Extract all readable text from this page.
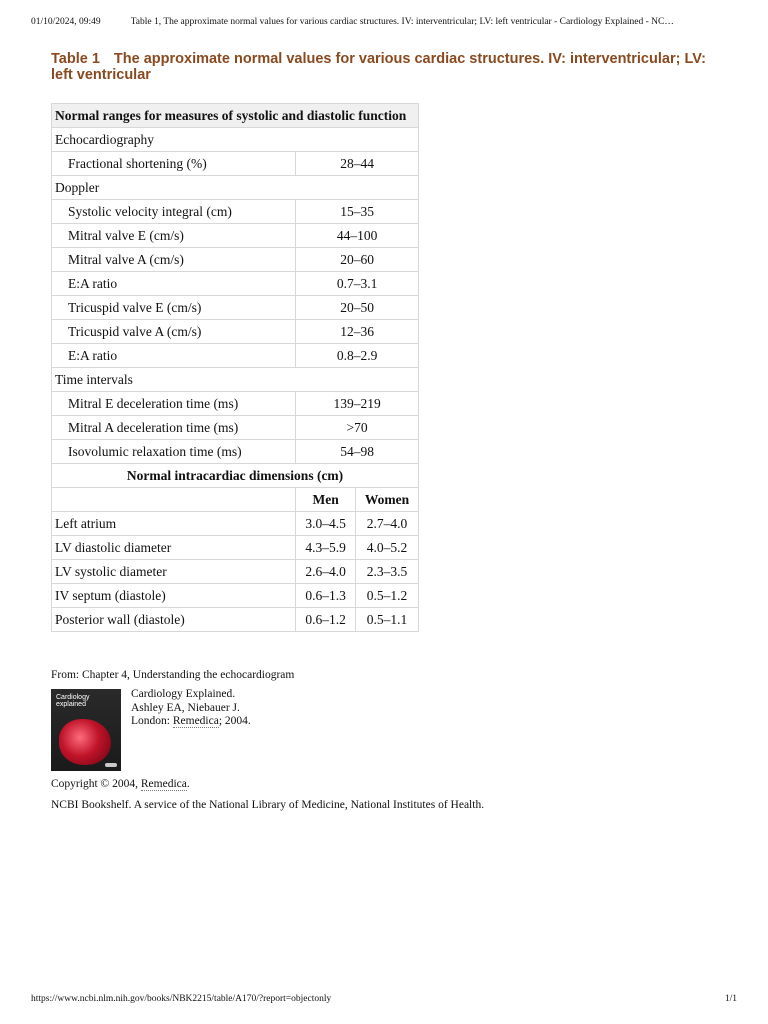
01/10/2024, 09:49	Table 1, The approximate normal values for various cardiac structures. IV: interventricular; LV: left ventricular - Cardiology Explained - NC…
Table 1 The approximate normal values for various cardiac structures. IV: interventricular; LV: left ventricular
Normal ranges for measures of systolic and diastolic function		
Echocardiography		
Fractional shortening (%)	28–44	
Doppler		
Systolic velocity integral (cm)	15–35	
Mitral valve E (cm/s)	44–100	
Mitral valve A (cm/s)	20–60	
E:A ratio	0.7–3.1	
Tricuspid valve E (cm/s)	20–50	
Tricuspid valve A (cm/s)	12–36	
E:A ratio	0.8–2.9	
Time intervals		
Mitral E deceleration time (ms)	139–219	
Mitral A deceleration time (ms)	>70	
Isovolumic relaxation time (ms)	54–98	
Normal intracardiac dimensions (cm)		
	Men	Women
Left atrium	3.0–4.5	2.7–4.0
LV diastolic diameter	4.3–5.9	4.0–5.2
LV systolic diameter	2.6–4.0	2.3–3.5
IV septum (diastole)	0.6–1.3	0.5–1.2
Posterior wall (diastole)	0.6–1.2	0.5–1.1
From: Chapter 4, Understanding the echocardiogram
Cardiology
explained
Cardiology Explained.
Ashley EA, Niebauer J.
London: Remedica; 2004.
Copyright © 2004, Remedica.
NCBI Bookshelf. A service of the National Library of Medicine, National Institutes of Health.
https://www.ncbi.nlm.nih.gov/books/NBK2215/table/A170/?report=objectonly	1/1
